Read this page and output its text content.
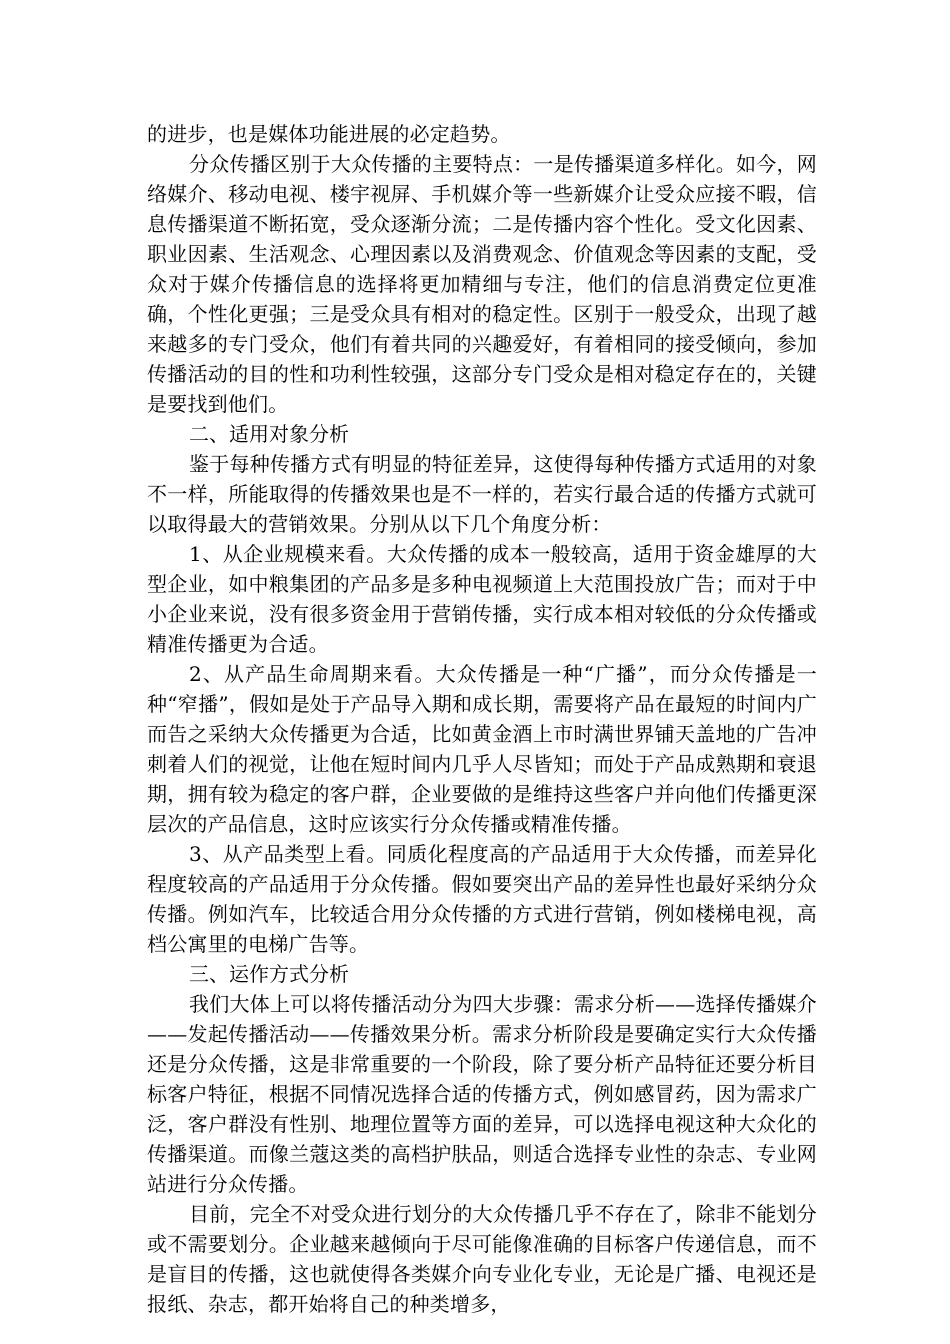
的进步，也是媒体功能进展的必定趋势。

分众传播区别于大众传播的主要特点：一是传播渠道多样化。如今，网络媒介、移动电视、楼宇视屏、手机媒介等一些新媒介让受众应接不暇，信息传播渠道不断拓宽，受众逐渐分流；二是传播内容个性化。受文化因素、职业因素、生活观念、心理因素以及消费观念、价值观念等因素的支配，受众对于媒介传播信息的选择将更加精细与专注，他们的信息消费定位更准确，个性化更强；三是受众具有相对的稳定性。区别于一般受众，出现了越来越多的专门受众，他们有着共同的兴趣爱好，有着相同的接受倾向，参加传播活动的目的性和功利性较强，这部分专门受众是相对稳定存在的，关键是要找到他们。

二、适用对象分析

鉴于每种传播方式有明显的特征差异，这使得每种传播方式适用的对象不一样，所能取得的传播效果也是不一样的，若实行最合适的传播方式就可以取得最大的营销效果。分别从以下几个角度分析：

1、从企业规模来看。大众传播的成本一般较高，适用于资金雄厚的大型企业，如中粮集团的产品多是多种电视频道上大范围投放广告；而对于中小企业来说，没有很多资金用于营销传播，实行成本相对较低的分众传播或精准传播更为合适。

2、从产品生命周期来看。大众传播是一种“广播”，而分众传播是一种“窄播”，假如是处于产品导入期和成长期，需要将产品在最短的时间内广而告之采纳大众传播更为合适，比如黄金酒上市时满世界铺天盖地的广告冲刺着人们的视觉，让他在短时间内几乎人尽皆知；而处于产品成熟期和衰退期，拥有较为稳定的客户群，企业要做的是维持这些客户并向他们传播更深层次的产品信息，这时应该实行分众传播或精准传播。

3、从产品类型上看。同质化程度高的产品适用于大众传播，而差异化程度较高的产品适用于分众传播。假如要突出产品的差异性也最好采纳分众传播。例如汽车，比较适合用分众传播的方式进行营销，例如楼梯电视，高档公寓里的电梯广告等。

三、运作方式分析

我们大体上可以将传播活动分为四大步骤：需求分析——选择传播媒介——发起传播活动——传播效果分析。需求分析阶段是要确定实行大众传播还是分众传播，这是非常重要的一个阶段，除了要分析产品特征还要分析目标客户特征，根据不同情况选择合适的传播方式，例如感冒药，因为需求广泛，客户群没有性别、地理位置等方面的差异，可以选择电视这种大众化的传播渠道。而像兰蔻这类的高档护肤品，则适合选择专业性的杂志、专业网站进行分众传播。

目前，完全不对受众进行划分的大众传播几乎不存在了，除非不能划分或不需要划分。企业越来越倾向于尽可能像准确的目标客户传递信息，而不是盲目的传播，这也就使得各类媒介向专业化专业，无论是广播、电视还是报纸、杂志，都开始将自己的种类增多，
